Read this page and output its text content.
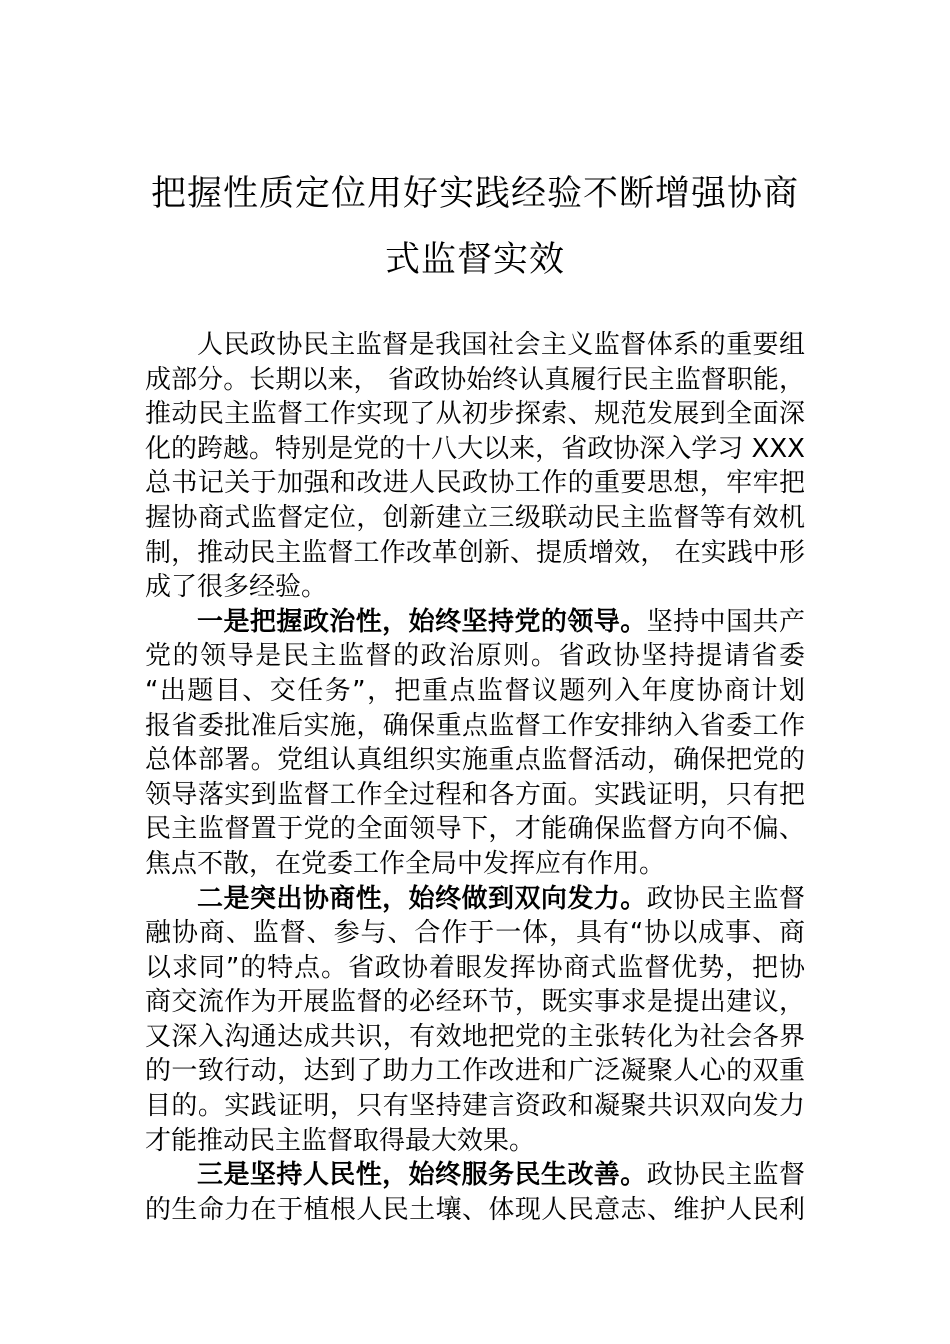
把握性质定位用好实践经验不断增强协商
式监督实效
人民政协民主监督是我国社会主义监督体系的重要组
成部分。长期以来， 省政协始终认真履行民主监督职能，
推动民主监督工作实现了从初步探索、规范发展到全面深
化的跨越。特别是党的十八大以来，省政协深入学习 XXX
总书记关于加强和改进人民政协工作的重要思想，牢牢把
握协商式监督定位，创新建立三级联动民主监督等有效机
制，推动民主监督工作改革创新、提质增效， 在实践中形
成了很多经验。
一是把握政治性，始终坚持党的领导。坚持中国共产
党的领导是民主监督的政治原则。省政协坚持提请省委
“出题目、交任务”，把重点监督议题列入年度协商计划
报省委批准后实施，确保重点监督工作安排纳入省委工作
总体部署。党组认真组织实施重点监督活动，确保把党的
领导落实到监督工作全过程和各方面。实践证明，只有把
民主监督置于党的全面领导下，才能确保监督方向不偏、
焦点不散，在党委工作全局中发挥应有作用。
二是突出协商性，始终做到双向发力。政协民主监督
融协商、监督、参与、合作于一体，具有“协以成事、商
以求同”的特点。省政协着眼发挥协商式监督优势，把协
商交流作为开展监督的必经环节，既实事求是提出建议，
又深入沟通达成共识，有效地把党的主张转化为社会各界
的一致行动，达到了助力工作改进和广泛凝聚人心的双重
目的。实践证明，只有坚持建言资政和凝聚共识双向发力
才能推动民主监督取得最大效果。
三是坚持人民性，始终服务民生改善。政协民主监督
的生命力在于植根人民土壤、体现人民意志、维护人民利
